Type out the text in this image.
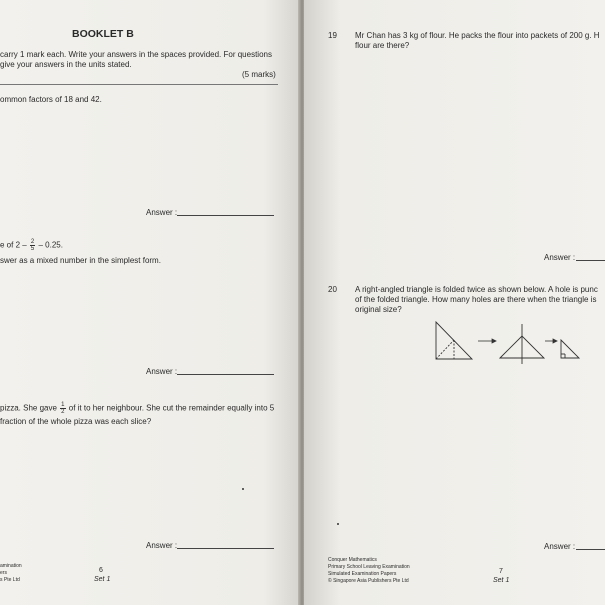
BOOKLET B
carry 1 mark each. Write your answers in the spaces provided. For questions
give your answers in the units stated.
(5 marks)
ommon factors of 18 and 42.
Answer :
e of $2 - \frac{2}{5} - 0.25$.
swer as a mixed number in the simplest form.
Answer :
pizza. She gave $\frac{1}{2}$ of it to her neighbour. She cut the remainder equally into 5
fraction of the whole pizza was each slice?
Answer :
amination
ers
s Pte Ltd
6
Set 1
19 Mr Chan has 3 kg of flour. He packs the flour into packets of 200 g. H
flour are there?
Answer :
20 A right-angled triangle is folded twice as shown below. A hole is punc
of the folded triangle. How many holes are there when the triangle is
original size?
Answer :
Conquer Mathematics
Primary School Leaving Examination
Simulated Examination Papers
© Singapore Asia Publishers Pte Ltd
7
Set 1
